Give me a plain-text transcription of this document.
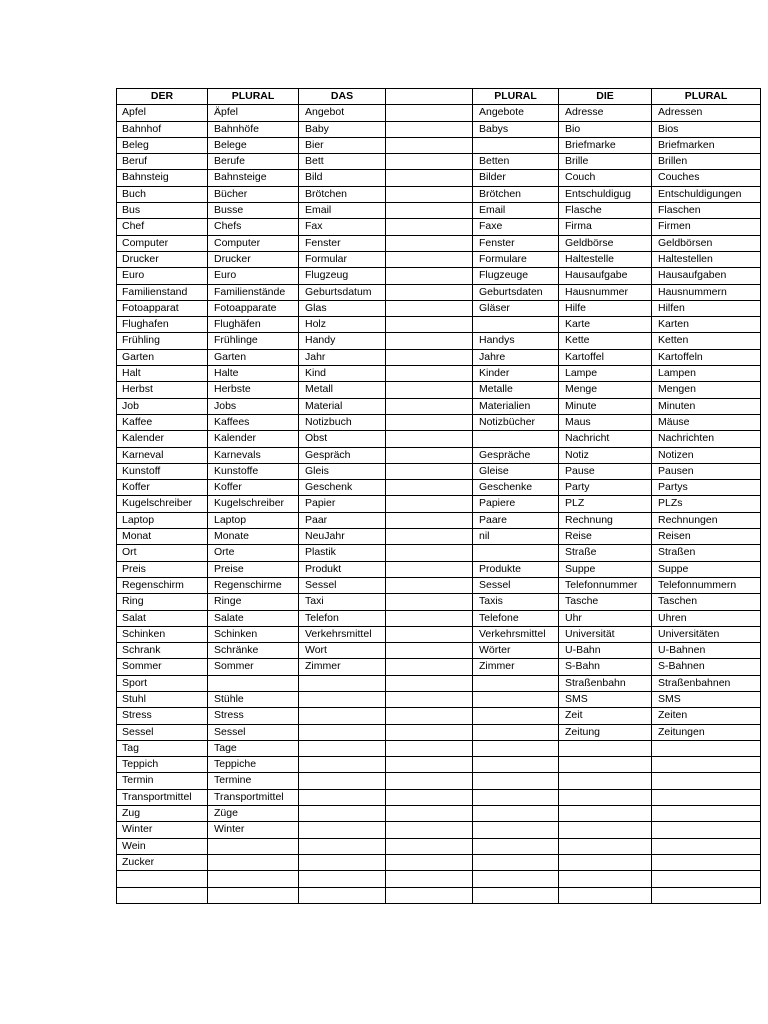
DER	PLURAL	DAS		PLURAL	DIE	PLURAL
Apfel	Äpfel	Angebot		Angebote	Adresse	Adressen
Bahnhof	Bahnhöfe	Baby		Babys	Bio	Bios
Beleg	Belege	Bier			Briefmarke	Briefmarken
Beruf	Berufe	Bett		Betten	Brille	Brillen
Bahnsteig	Bahnsteige	Bild		Bilder	Couch	Couches
Buch	Bücher	Brötchen		Brötchen	Entschuldigug	Entschuldigungen
Bus	Busse	Email		Email	Flasche	Flaschen
Chef	Chefs	Fax		Faxe	Firma	Firmen
Computer	Computer	Fenster		Fenster	Geldbörse	Geldbörsen
Drucker	Drucker	Formular		Formulare	Haltestelle	Haltestellen
Euro	Euro	Flugzeug		Flugzeuge	Hausaufgabe	Hausaufgaben
Familienstand	Familienstände	Geburtsdatum		Geburtsdaten	Hausnummer	Hausnummern
Fotoapparat	Fotoapparate	Glas		Gläser	Hilfe	Hilfen
Flughafen	Flughäfen	Holz			Karte	Karten
Frühling	Frühlinge	Handy		Handys	Kette	Ketten
Garten	Garten	Jahr		Jahre	Kartoffel	Kartoffeln
Halt	Halte	Kind		Kinder	Lampe	Lampen
Herbst	Herbste	Metall		Metalle	Menge	Mengen
Job	Jobs	Material		Materialien	Minute	Minuten
Kaffee	Kaffees	Notizbuch		Notizbücher	Maus	Mäuse
Kalender	Kalender	Obst			Nachricht	Nachrichten
Karneval	Karnevals	Gespräch		Gespräche	Notiz	Notizen
Kunstoff	Kunstoffe	Gleis		Gleise	Pause	Pausen
Koffer	Koffer	Geschenk		Geschenke	Party	Partys
Kugelschreiber	Kugelschreiber	Papier		Papiere	PLZ	PLZs
Laptop	Laptop	Paar		Paare	Rechnung	Rechnungen
Monat	Monate	NeuJahr		nil	Reise	Reisen
Ort	Orte	Plastik			Straße	Straßen
Preis	Preise	Produkt		Produkte	Suppe	Suppe
Regenschirm	Regenschirme	Sessel		Sessel	Telefonnummer	Telefonnummern
Ring	Ringe	Taxi		Taxis	Tasche	Taschen
Salat	Salate	Telefon		Telefone	Uhr	Uhren
Schinken	Schinken	Verkehrsmittel		Verkehrsmittel	Universität	Universitäten
Schrank	Schränke	Wort		Wörter	U-Bahn	U-Bahnen
Sommer	Sommer	Zimmer		Zimmer	S-Bahn	S-Bahnen
Sport					Straßenbahn	Straßenbahnen
Stuhl	Stühle				SMS	SMS
Stress	Stress				Zeit	Zeiten
Sessel	Sessel				Zeitung	Zeitungen
Tag	Tage					
Teppich	Teppiche					
Termin	Termine					
Transportmittel	Transportmittel					
Zug	Züge					
Winter	Winter					
Wein						
Zucker						
